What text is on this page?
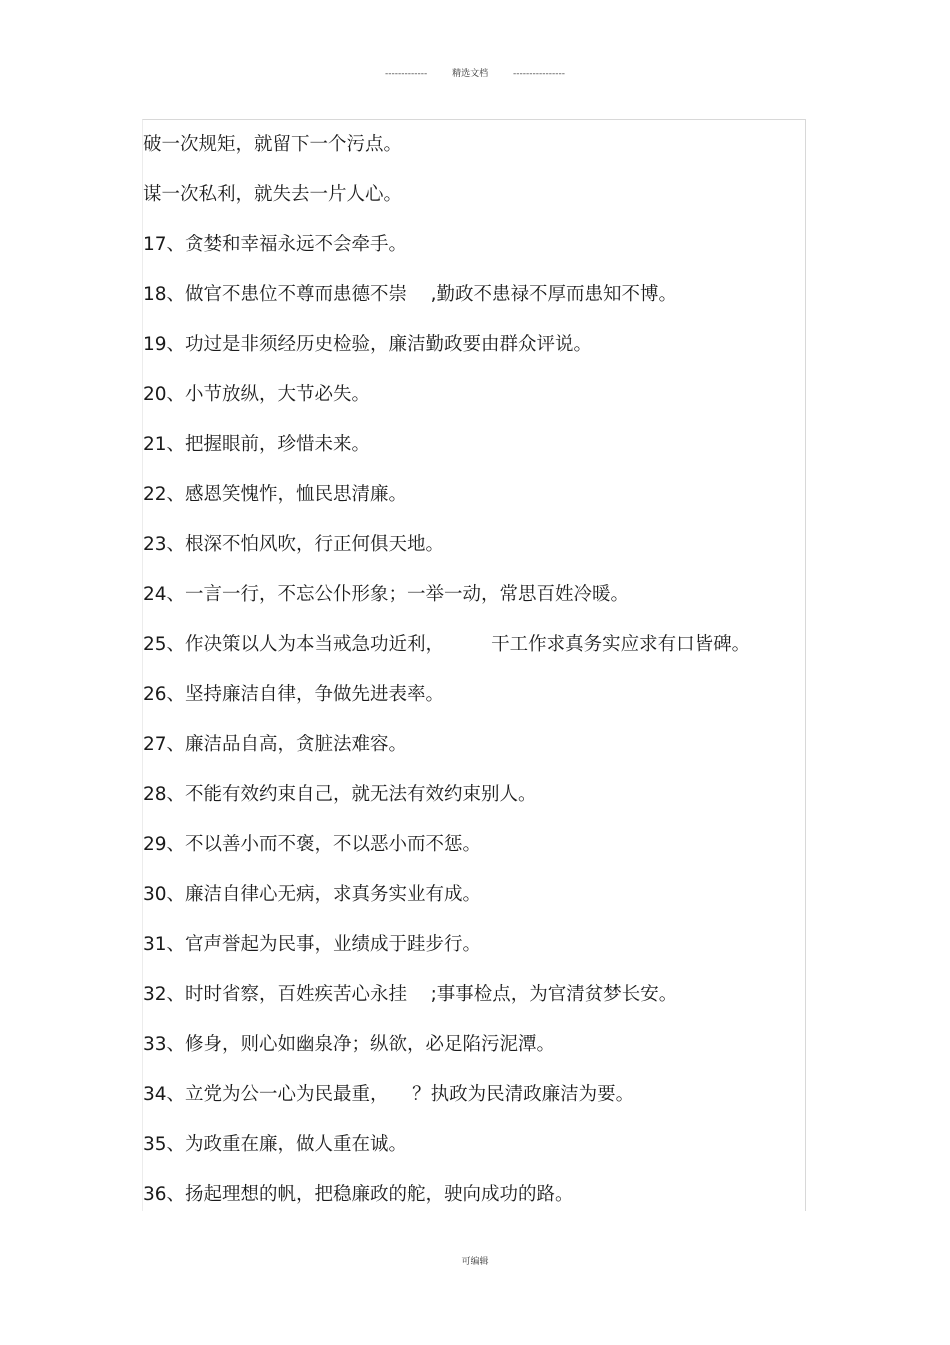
-------------	精选文档	----------------
破一次规矩，就留下一个污点。
谋一次私利，就失去一片人心。
17、贪婪和幸福永远不会牵手。
18、做官不患位不尊而患德不崇    ,勤政不患禄不厚而患知不博。
19、功过是非须经历史检验，廉洁勤政要由群众评说。
20、小节放纵，大节必失。
21、把握眼前，珍惜未来。
22、感恩笑愧怍，恤民思清廉。
23、根深不怕风吹，行正何俱天地。
24、一言一行，不忘公仆形象；一举一动，常思百姓冷暖。
25、作决策以人为本当戒急功近利，        干工作求真务实应求有口皆碑。
26、坚持廉洁自律，争做先进表率。
27、廉洁品自高，贪脏法难容。
28、不能有效约束自己，就无法有效约束别人。
29、不以善小而不褒，不以恶小而不惩。
30、廉洁自律心无病，求真务实业有成。
31、官声誉起为民事，业绩成于跬步行。
32、时时省察，百姓疾苦心永挂    ;事事检点，为官清贫梦长安。
33、修身，则心如幽泉净；纵欲，必足陷污泥潭。
34、立党为公一心为民最重，    ？执政为民清政廉洁为要。
35、为政重在廉，做人重在诚。
36、扬起理想的帆，把稳廉政的舵，驶向成功的路。
可编辑
